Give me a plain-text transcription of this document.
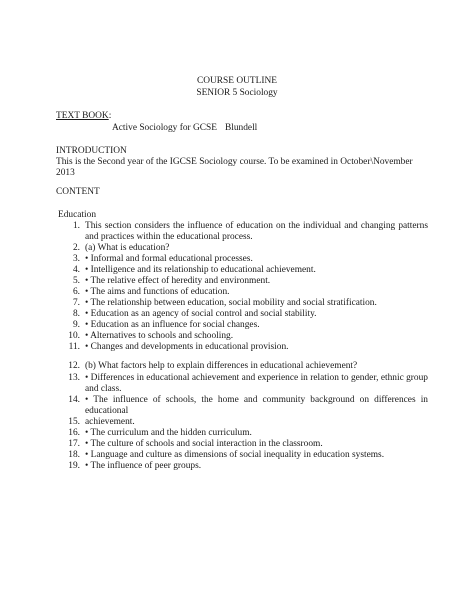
COURSE OUTLINE
SENIOR 5 Sociology
TEXT BOOK:
Active Sociology for GCSE Blundell
INTRODUCTION
This is the Second year of the IGCSE Sociology course. To be examined in October\November
2013
CONTENT
Education
1. This section considers the influence of education on the individual and changing patterns
and practices within the educational process.
2. (a) What is education?
3. • Informal and formal educational processes.
4. • Intelligence and its relationship to educational achievement.
5. • The relative effect of heredity and environment.
6. • The aims and functions of education.
7. • The relationship between education, social mobility and social stratification.
8. • Education as an agency of social control and social stability.
9. • Education as an influence for social changes.
10. • Alternatives to schools and schooling.
11. • Changes and developments in educational provision.
12. (b) What factors help to explain differences in educational achievement?
13. • Differences in educational achievement and experience in relation to gender, ethnic group
and class.
14. • The influence of schools, the home and community background on differences in
educational
15. achievement.
16. • The curriculum and the hidden curriculum.
17. • The culture of schools and social interaction in the classroom.
18. • Language and culture as dimensions of social inequality in education systems.
19. • The influence of peer groups.
